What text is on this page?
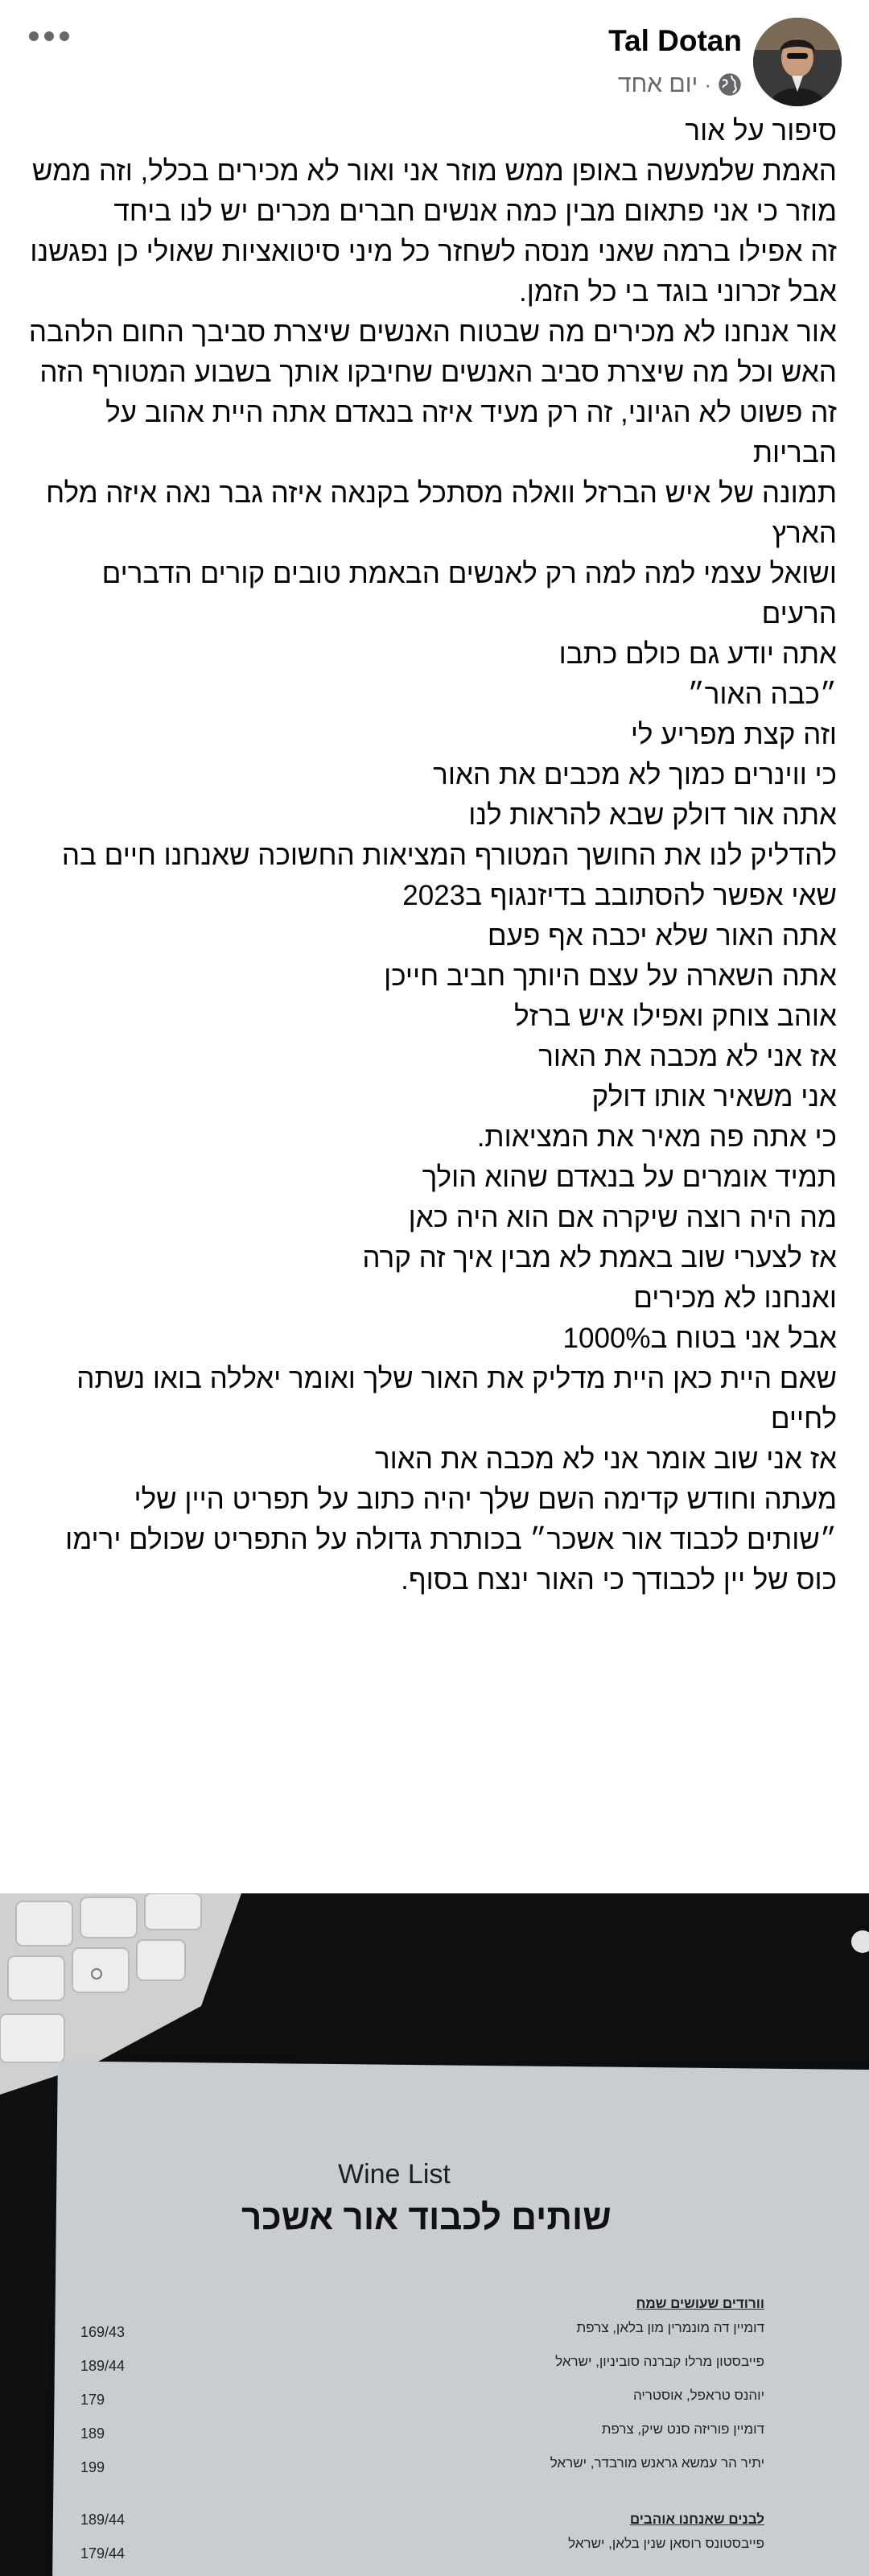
Tal Dotan
יום אחד ·
סיפור על אור
האמת שלמעשה באופן ממש מוזר אני ואור לא מכירים בכלל, וזה ממש מוזר כי אני פתאום מבין כמה אנשים חברים מכרים יש לנו ביחד
זה אפילו ברמה שאני מנסה לשחזר כל מיני סיטואציות שאולי כן נפגשנו אבל זכרוני בוגד בי כל הזמן.
אור אנחנו לא מכירים מה שבטוח האנשים שיצרת סביבך החום הלהבה האש וכל מה שיצרת סביב האנשים שחיבקו אותך בשבוע המטורף הזה
זה פשוט לא הגיוני, זה רק מעיד איזה בנאדם אתה היית אהוב על הבריות
תמונה של איש הברזל וואלה מסתכל בקנאה איזה גבר נאה איזה מלח הארץ
ושואל עצמי למה למה רק לאנשים הבאמת טובים קורים הדברים הרעים
אתה יודע גם כולם כתבו
״כבה האור״
וזה קצת מפריע לי
כי ווינרים כמוך לא מכבים את האור
אתה אור דולק שבא להראות לנו
להדליק לנו את החושך המטורף המציאות החשוכה שאנחנו חיים בה
שאי אפשר להסתובב בדיזנגוף ב2023
אתה האור שלא יכבה אף פעם
אתה השארה על עצם היותך חביב חייכן
אוהב צוחק ואפילו איש ברזל
אז אני לא מכבה את האור
אני משאיר אותו דולק
כי אתה פה מאיר את המציאות.
תמיד אומרים על בנאדם שהוא הולך
מה היה רוצה שיקרה אם הוא היה כאן
אז לצערי שוב באמת לא מבין איך זה קרה
ואנחנו לא מכירים
אבל אני בטוח ב1000%
שאם היית כאן היית מדליק את האור שלך ואומר יאללה בואו נשתה לחיים
אז אני שוב אומר אני לא מכבה את האור
מעתה וחודש קדימה השם שלך יהיה כתוב על תפריט היין שלי
״שותים לכבוד אור אשכר״ בכותרת גדולה על התפריט שכולם ירימו כוס של יין לכבודך כי האור ינצח בסוף.
Wine List
שותים לכבוד אור אשכר
וורודים שעושים שמח
דומיין דה מונמרין מון בלאן, צרפת
פייבסטון מרלו קברנה סוביניון, ישראל
יוהנס טראפל, אוסטריה
דומיין פוריזה סנט שיק, צרפת
יתיר הר עמשא גראנש מורבדר, ישראל
169/43
189/44
179
189
199
לבנים שאנחנו אוהבים
פייבסטונס רוסאן שנין בלאן, ישראל
189/44
179/44
